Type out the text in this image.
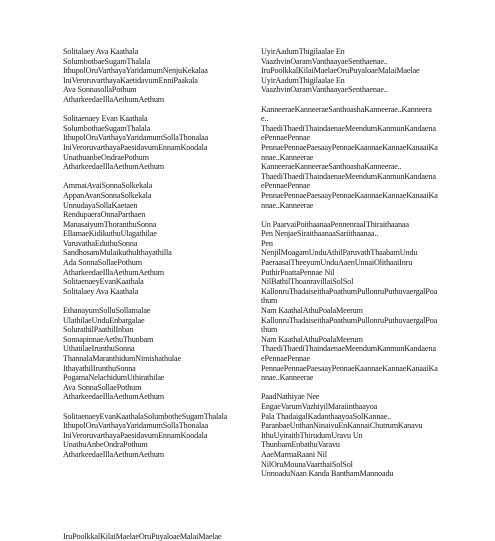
Solitalaey Ava Kaathala
SolumbotbaeSugamThalala
IthupolOruVarthayaYaridamumNenjuKekalaa
IniVeroruvarthayaKaetidavumEnniPaakala
Ava SonnasollaPothum
AtharkeedaeIllaAethumAethum
Solitaenaey Evan Kaathala
SolumbothaeSugamThalala
IthupolOruVarthayaYaridamumSollaThonalaa
IniVeroruvarthayaPaesidavumEnnamKoodala
UnathuanbeOndraePothum
AtharkeedaeIllaAethumAethum
AmmaiAvaiSonnaSolkekala
AppanAvanSonnaSolkekala
UnnudayaSollaKaetaen
RendupaeraOnnaParthaen
ManasaiyumThoranthuSonna
EllamaeKidikuthuUlagathilae
VaruvathaEduthuSonna
SandhosamMulaikuthuIthayathilla
Ada SonnaSollaePothum
AtharkeedaeIllaAethumAethum
SolitaenaeyEvanKaathala
Solitalaey Ava Kaathala
EthanayumSolluSollamalae
UlathilaeUnduEnbargalae
SolurathilPaathilInban
SonnapinnaeAethuThunbam
UthatilaeIrunthuSonna
ThannalaMaranthidumNimishathulae
IthayathilIrunthuSonna
PogamaNelachidumUthirathilae
Ava SonnaSollaePothum
AtharkeedaeIllaAethumAethum
SolitaenaeyEvanKaathalaSolumbotheSugamThalala
IthupolOruVarthayaYaridamumSollaThonalaa
IniVeroruvarthayaPaesidavumEnnamKoodala
UnathuAnbeOndraPothum
AtharkeedaeIllaAethumAethum
IruPoolkkalKilaiMaelaeOruPuyaloaeMalaiMaelae
UyirAadumThigilaalae En
VaazhvinOaramVanthaayaeSenthaenae..
IruPoolkkalKilaiMaelaeOruPuyaloaeMalaiMaelae
UyirAadumThigilaalae En
VaazhvinOaramVanthaayaeSenthaenae..
KanneeraeKanneeraeSanthoashaKanneerae..Kanneerae..
ThaediThaediThaindaenaeMeendumKanmunKandaenaePennaePennae
PennaePennaePaesaayPennaeKaannaeKannaeKanaaiKannae..Kanneerae
KanneeraeKanneeraeSanthoashaKanneerae..
ThaediThaediThaindaenaeMeendumKanmunKandaenaePennaePennae
PennaePennaePaesaayPennaeKaannaeKannaeKanaaiKannae..Kanneerae
Un PaarvaiPoithaanaaPennenraaIThiraithaanaa
Pen NenjaeSiraithaanaaSariithaanaa..
Pen
NenjilMoagamUnduAthilParuvathThaabamUndu
PaeraasaiTheeyumUnduAaenUnnaiOlithaaiInru
PuthirPoattaPennae Nil
NilBathilThoanravillaiSolSol
KallonruThadaiseithaPoathumPullonruPuthuvaergalPoathum
Nam KaathalAthuPoalaMeerum
KallonruThadaiseithaPoathumPullonruPuthuvaergalPoathum
Nam KaathalAthuPoalaMeerum
ThaediThaediThaindaenaeMeendumKanmunKandaenaePennaePennae
PennaePennaePaesaayPennaeKaannaeKannaeKanaaiKannae..Kanneerae
PaadNathiyae Nee
EngaeVarumVazhiyilMaraiinthaayoa
Pala ThadaigalKadanthaayoaSolKannae..
ParanbaeUnthanNinaivuEnKannaiChutrumKanavu
IthuUyiraithThirudumUravu Un
ThunbamEnbathuVaravu
AaeMarmaRaani Nil
NilOruMounaVaarthaiSolSol
UnnoaduNaan Kanda BanthamMannoadu
